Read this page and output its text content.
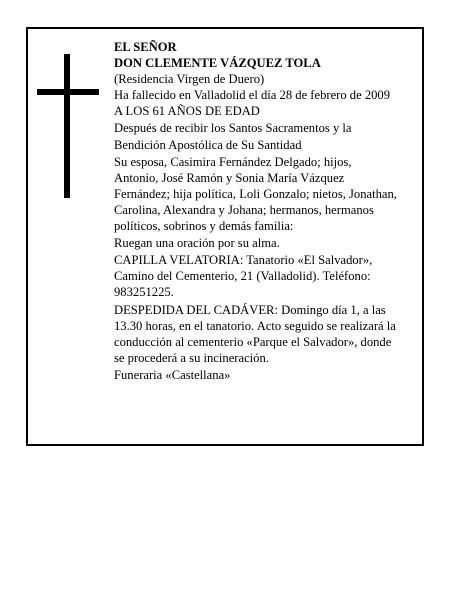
EL SEÑOR
DON CLEMENTE VÁZQUEZ TOLA
(Residencia Virgen de Duero)
Ha fallecido en Valladolid el día 28 de febrero de 2009
A LOS 61 AÑOS DE EDAD
Después de recibir los Santos Sacramentos y la
Bendición Apostólica de Su Santidad
Su esposa, Casimira Fernández Delgado; hijos,
Antonio, José Ramón y Sonia María Vázquez
Fernández; hija política, Loli Gonzalo; nietos, Jonathan,
Carolina, Alexandra y Johana; hermanos, hermanos
políticos, sobrinos y demás familia:
Ruegan una oración por su alma.
CAPILLA VELATORIA: Tanatorio «El Salvador»,
Camino del Cementerio, 21 (Valladolid). Teléfono:
983251225.
DESPEDIDA DEL CADÁVER: Domingo día 1, a las
13.30 horas, en el tanatorio. Acto seguido se realizará la
conducción al cementerio «Parque el Salvador», donde
se procederá a su incineración.
Funeraria «Castellana»
